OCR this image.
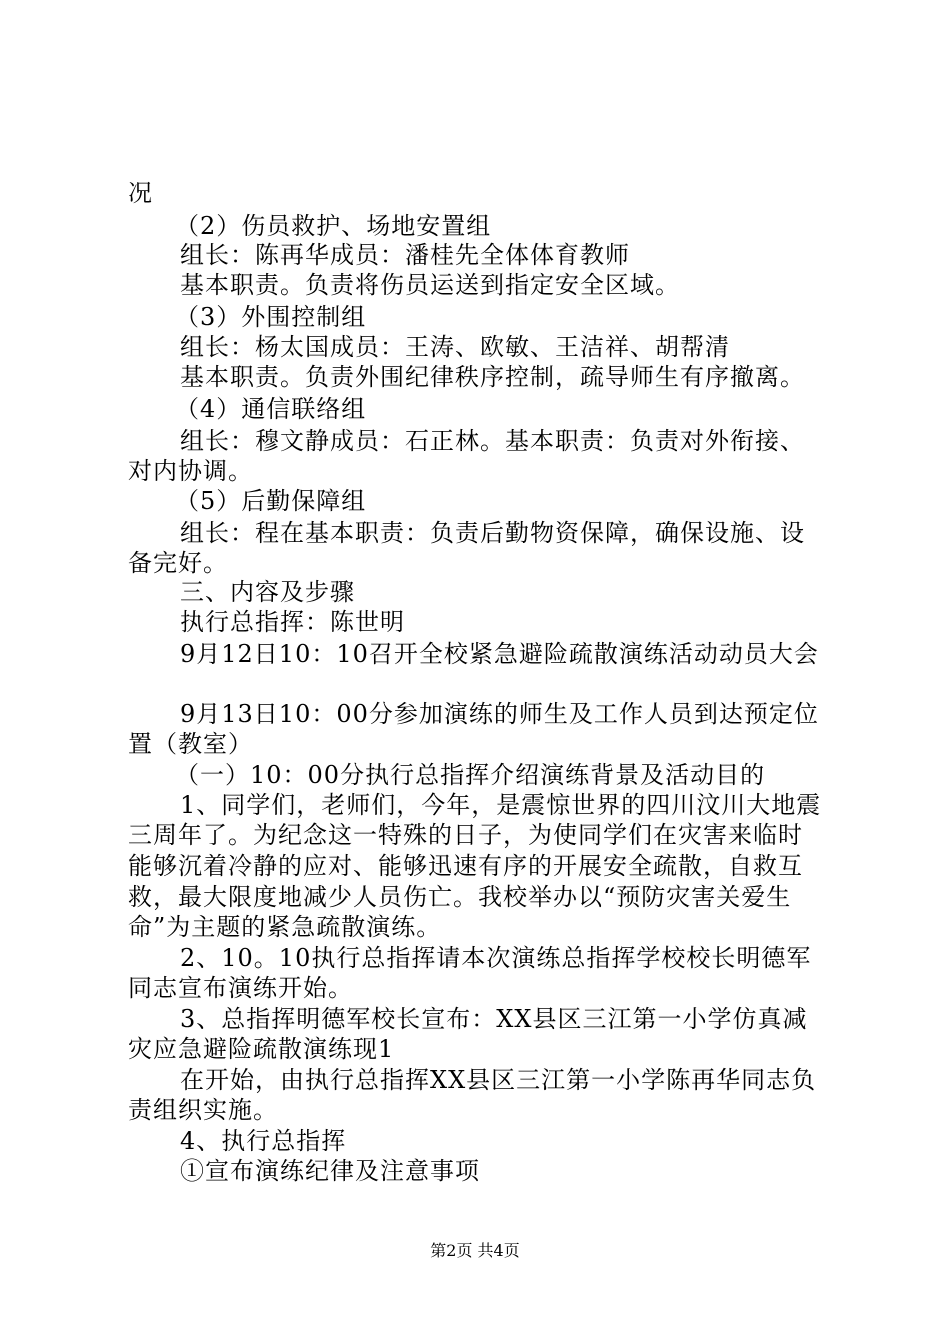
况
（2）伤员救护、场地安置组
组长：陈再华成员：潘桂先全体体育教师
基本职责。负责将伤员运送到指定安全区域。
（3）外围控制组
组长：杨太国成员：王涛、欧敏、王洁祥、胡帮清
基本职责。负责外围纪律秩序控制，疏导师生有序撤离。
（4）通信联络组
组长：穆文静成员：石正林。基本职责：负责对外衔接、
对内协调。
（5）后勤保障组
组长：程在基本职责：负责后勤物资保障，确保设施、设
备完好。
三、内容及步骤
执行总指挥：陈世明
9月12日10：10召开全校紧急避险疏散演练活动动员大会
9月13日10：00分参加演练的师生及工作人员到达预定位
置（教室）
（一）10：00分执行总指挥介绍演练背景及活动目的
1、同学们，老师们，今年，是震惊世界的四川汶川大地震
三周年了。为纪念这一特殊的日子，为使同学们在灾害来临时
能够沉着冷静的应对、能够迅速有序的开展安全疏散，自救互
救，最大限度地减少人员伤亡。我校举办以“预防灾害关爱生
命”为主题的紧急疏散演练。
2、10。10执行总指挥请本次演练总指挥学校校长明德军
同志宣布演练开始。
3、总指挥明德军校长宣布：XX县区三江第一小学仿真减
灾应急避险疏散演练现1
在开始，由执行总指挥XX县区三江第一小学陈再华同志负
责组织实施。
4、执行总指挥
①宣布演练纪律及注意事项
第2页 共4页
